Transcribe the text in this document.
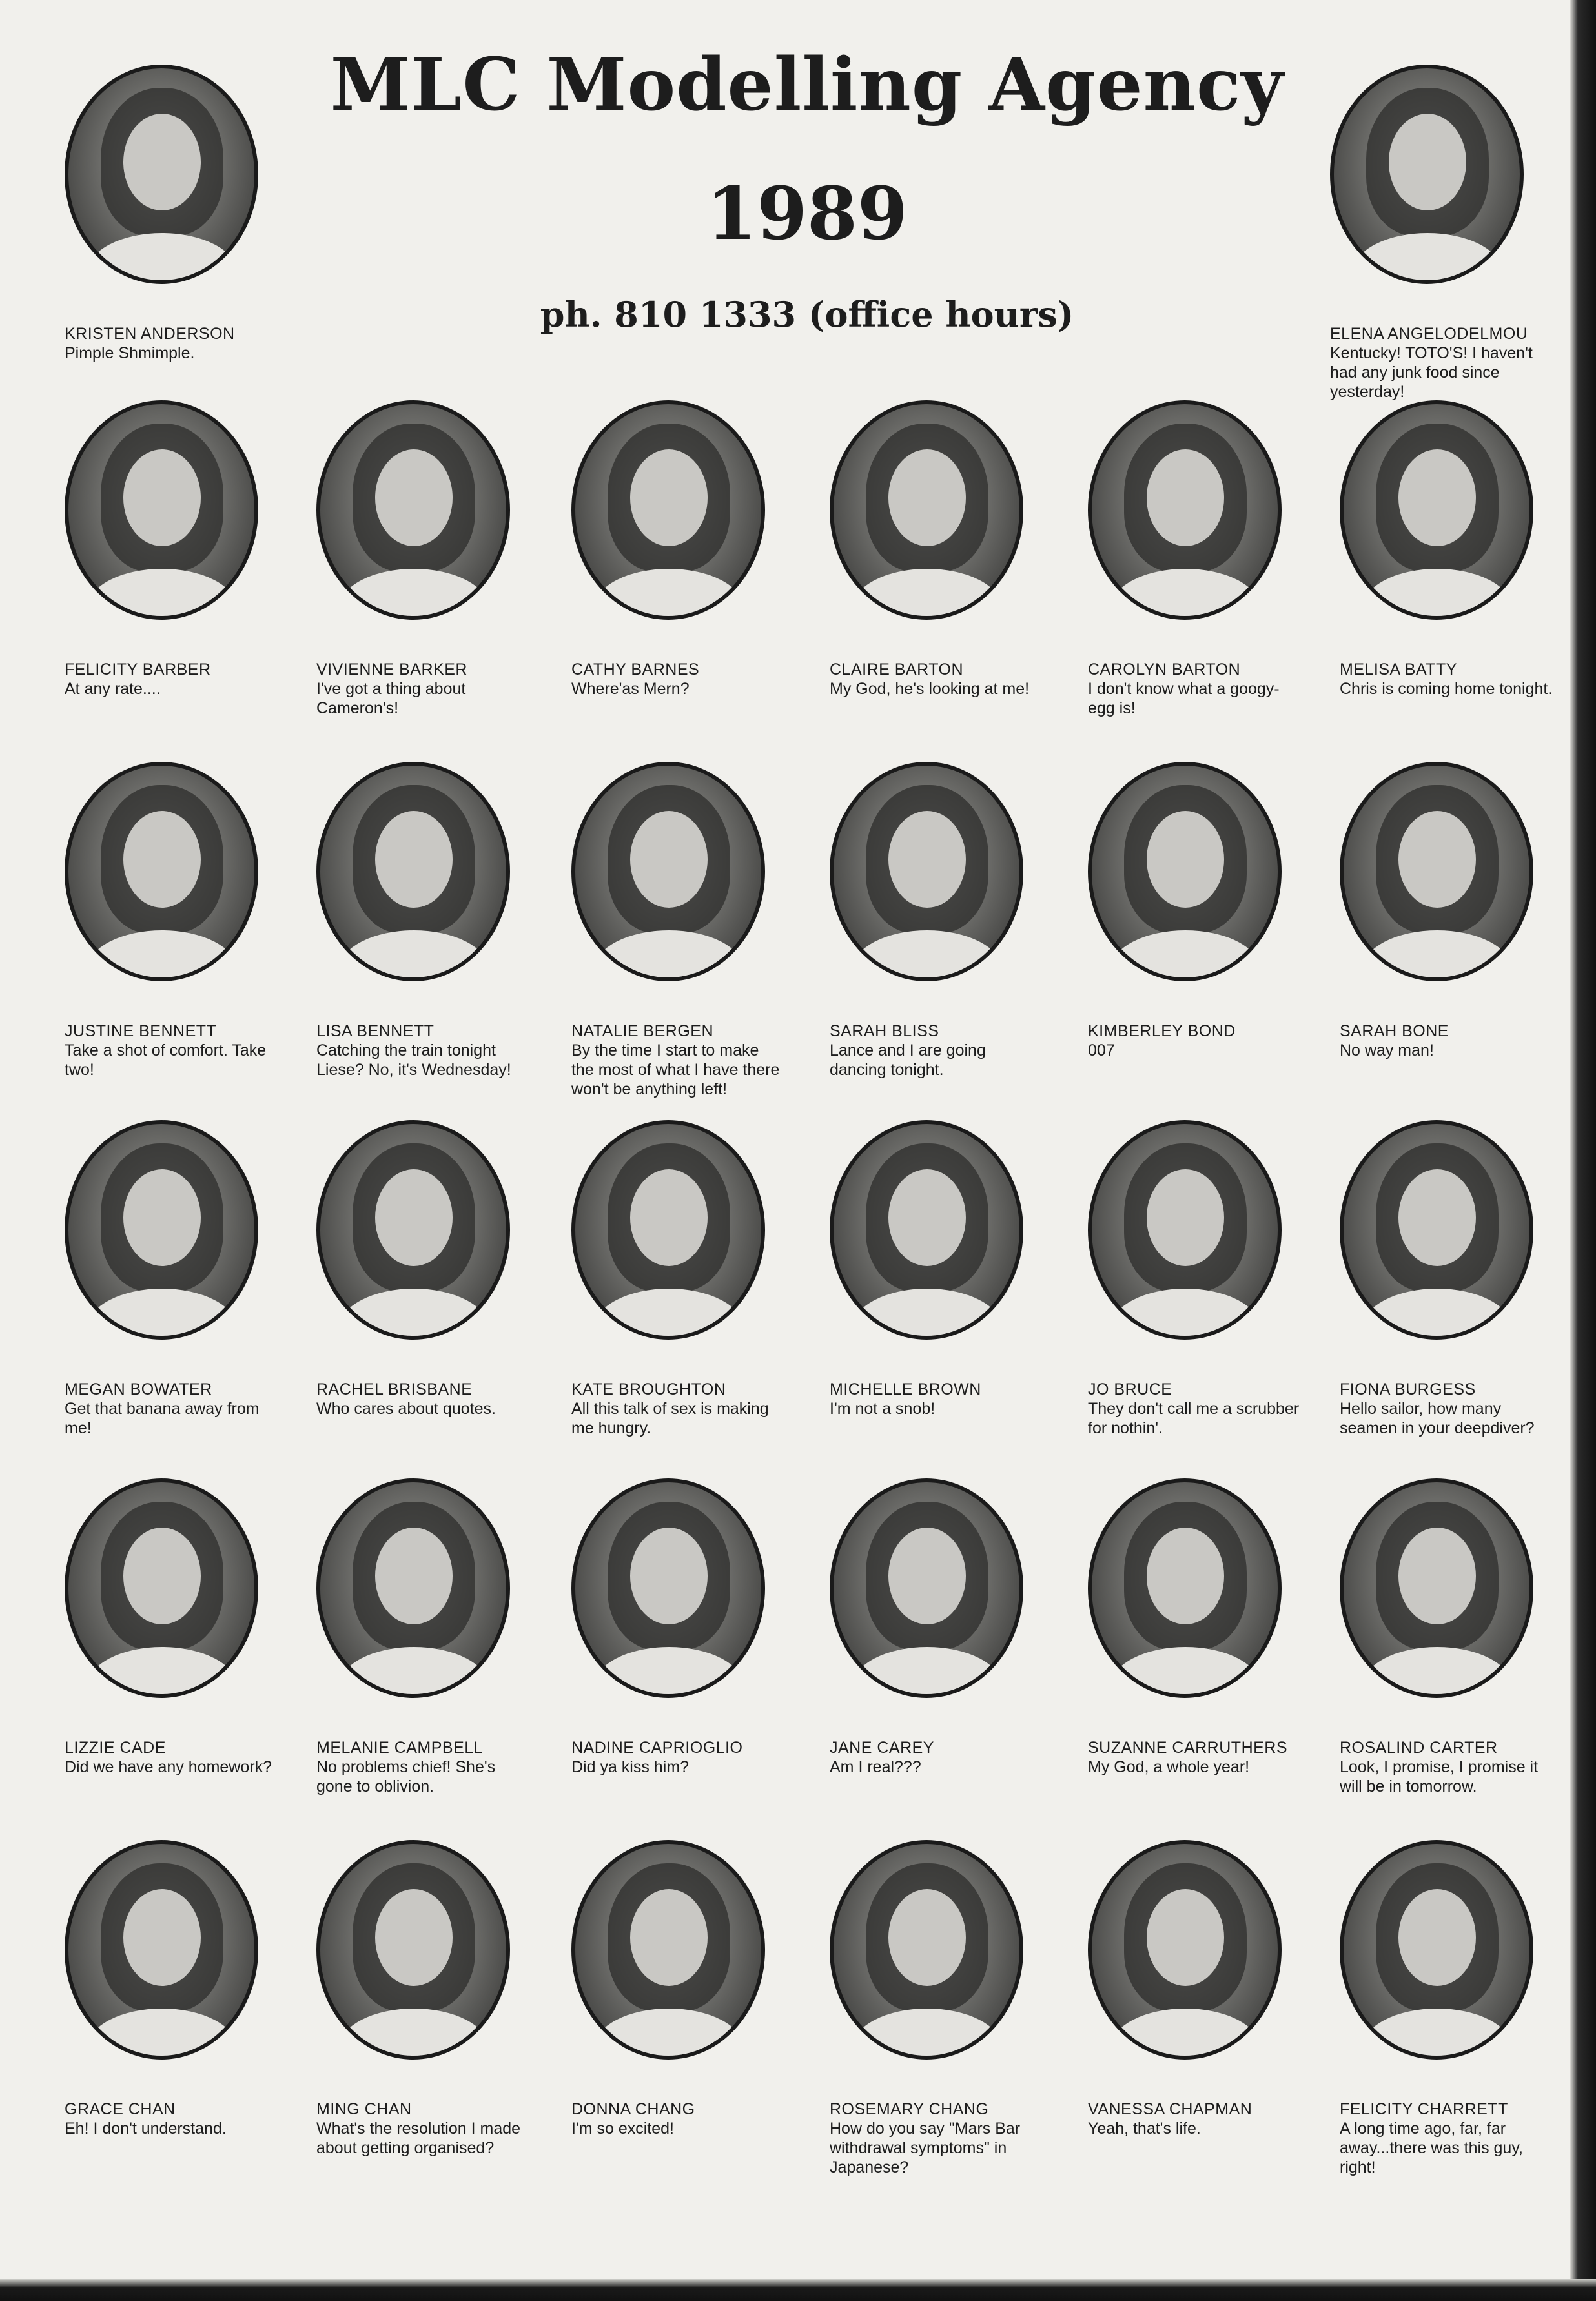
MLC Modelling Agency
1989
ph. 810 1333 (office hours)
KRISTEN ANDERSON
Pimple Shmimple.
ELENA ANGELODELMOU
Kentucky! TOTO'S! I haven't had any junk food since yesterday!
FELICITY BARBER
At any rate....
VIVIENNE BARKER
I've got a thing about Cameron's!
CATHY BARNES
Where'as Mern?
CLAIRE BARTON
My God, he's looking at me!
CAROLYN BARTON
I don't know what a googy-egg is!
MELISA BATTY
Chris is coming home tonight.
JUSTINE BENNETT
Take a shot of comfort. Take two!
LISA BENNETT
Catching the train tonight Liese? No, it's Wednesday!
NATALIE BERGEN
By the time I start to make the most of what I have there won't be anything left!
SARAH BLISS
Lance and I are going dancing tonight.
KIMBERLEY BOND
007
SARAH BONE
No way man!
MEGAN BOWATER
Get that banana away from me!
RACHEL BRISBANE
Who cares about quotes.
KATE BROUGHTON
All this talk of sex is making me hungry.
MICHELLE BROWN
I'm not a snob!
JO BRUCE
They don't call me a scrubber for nothin'.
FIONA BURGESS
Hello sailor, how many seamen in your deepdiver?
LIZZIE CADE
Did we have any homework?
MELANIE CAMPBELL
No problems chief! She's gone to oblivion.
NADINE CAPRIOGLIO
Did ya kiss him?
JANE CAREY
Am I real???
SUZANNE CARRUTHERS
My God, a whole year!
ROSALIND CARTER
Look, I promise, I promise it will be in tomorrow.
GRACE CHAN
Eh! I don't understand.
MING CHAN
What's the resolution I made about getting organised?
DONNA CHANG
I'm so excited!
ROSEMARY CHANG
How do you say "Mars Bar withdrawal symptoms" in Japanese?
VANESSA CHAPMAN
Yeah, that's life.
FELICITY CHARRETT
A long time ago, far, far away...there was this guy, right!
